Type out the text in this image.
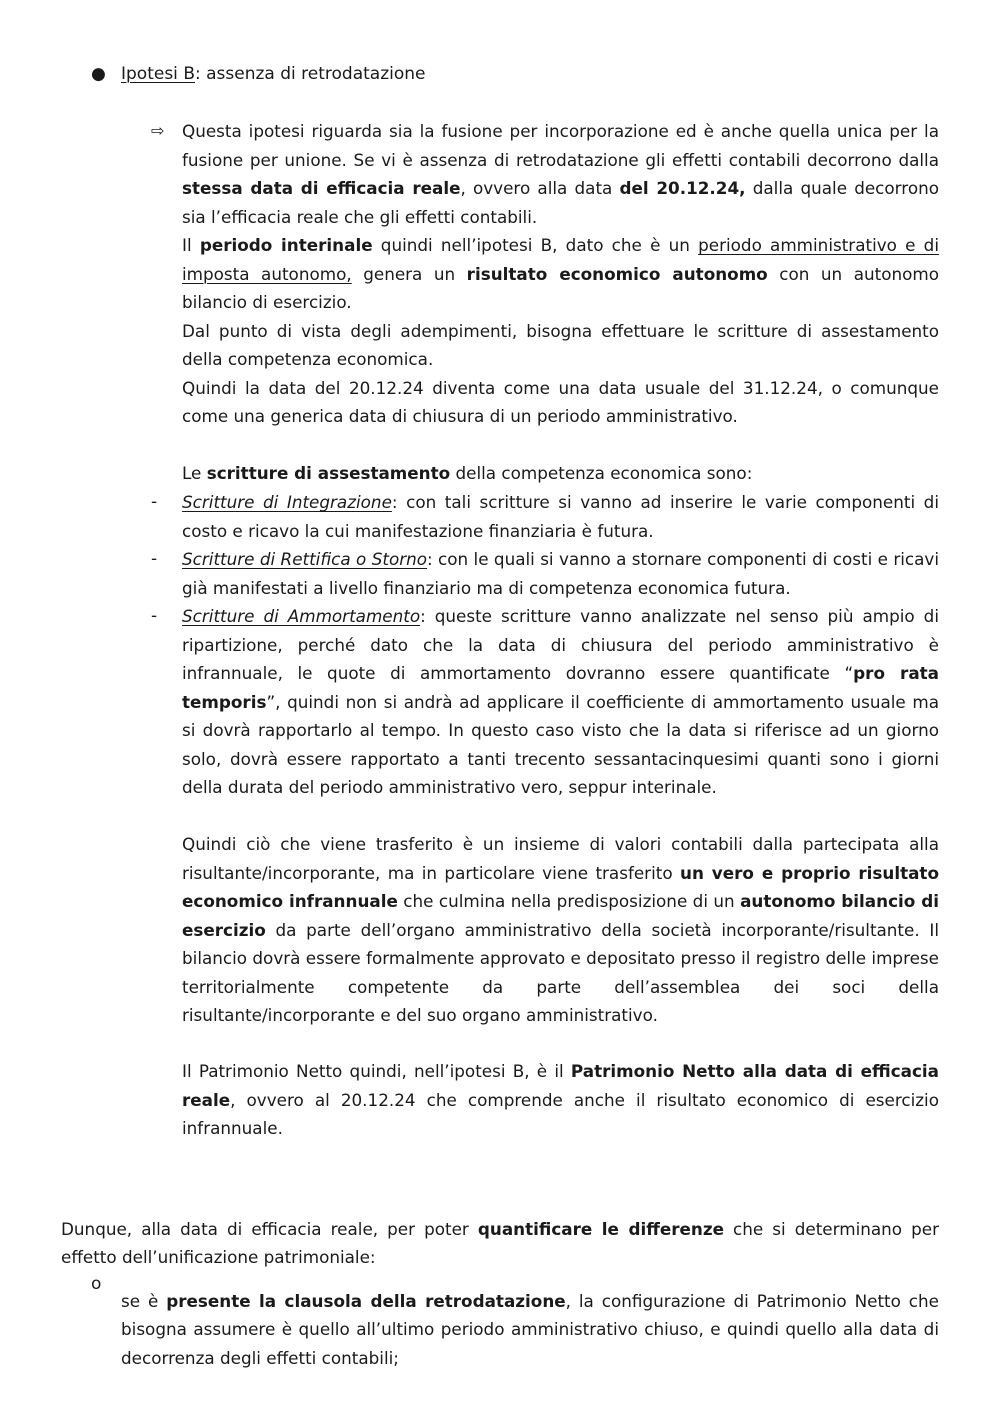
● Ipotesi B: assenza di retrodatazione
⇨ Questa ipotesi riguarda sia la fusione per incorporazione ed è anche quella unica per la fusione per unione. Se vi è assenza di retrodatazione gli effetti contabili decorrono dalla stessa data di efficacia reale, ovvero alla data del 20.12.24, dalla quale decorrono sia l’efficacia reale che gli effetti contabili.

Il periodo interinale quindi nell’ipotesi B, dato che è un periodo amministrativo e di imposta autonomo, genera un risultato economico autonomo con un autonomo bilancio di esercizio.

Dal punto di vista degli adempimenti, bisogna effettuare le scritture di assestamento della competenza economica.

Quindi la data del 20.12.24 diventa come una data usuale del 31.12.24, o comunque come una generica data di chiusura di un periodo amministrativo.

Le scritture di assestamento della competenza economica sono:

- Scritture di Integrazione: con tali scritture si vanno ad inserire le varie componenti di costo e ricavo la cui manifestazione finanziaria è futura.

- Scritture di Rettifica o Storno: con le quali si vanno a stornare componenti di costi e ricavi già manifestati a livello finanziario ma di competenza economica futura.

- Scritture di Ammortamento: queste scritture vanno analizzate nel senso più ampio di ripartizione, perché dato che la data di chiusura del periodo amministrativo è infrannuale, le quote di ammortamento dovranno essere quantificate “pro rata temporis”, quindi non si andrà ad applicare il coefficiente di ammortamento usuale ma si dovrà rapportarlo al tempo. In questo caso visto che la data si riferisce ad un giorno solo, dovrà essere rapportato a tanti trecento sessantacinquesimi quanti sono i giorni della durata del periodo amministrativo vero, seppur interinale.

Quindi ciò che viene trasferito è un insieme di valori contabili dalla partecipata alla risultante/incorporante, ma in particolare viene trasferito un vero e proprio risultato economico infrannuale che culmina nella predisposizione di un autonomo bilancio di esercizio da parte dell’organo amministrativo della società incorporante/risultante. Il bilancio dovrà essere formalmente approvato e depositato presso il registro delle imprese territorialmente competente da parte dell’assemblea dei soci della risultante/incorporante e del suo organo amministrativo.

Il Patrimonio Netto quindi, nell’ipotesi B, è il Patrimonio Netto alla data di efficacia reale, ovvero al 20.12.24 che comprende anche il risultato economico di esercizio infrannuale.

Dunque, alla data di efficacia reale, per poter quantificare le differenze che si determinano per effetto dell’unificazione patrimoniale:

o

se è presente la clausola della retrodatazione, la configurazione di Patrimonio Netto che bisogna assumere è quello all’ultimo periodo amministrativo chiuso, e quindi quello alla data di decorrenza degli effetti contabili;
